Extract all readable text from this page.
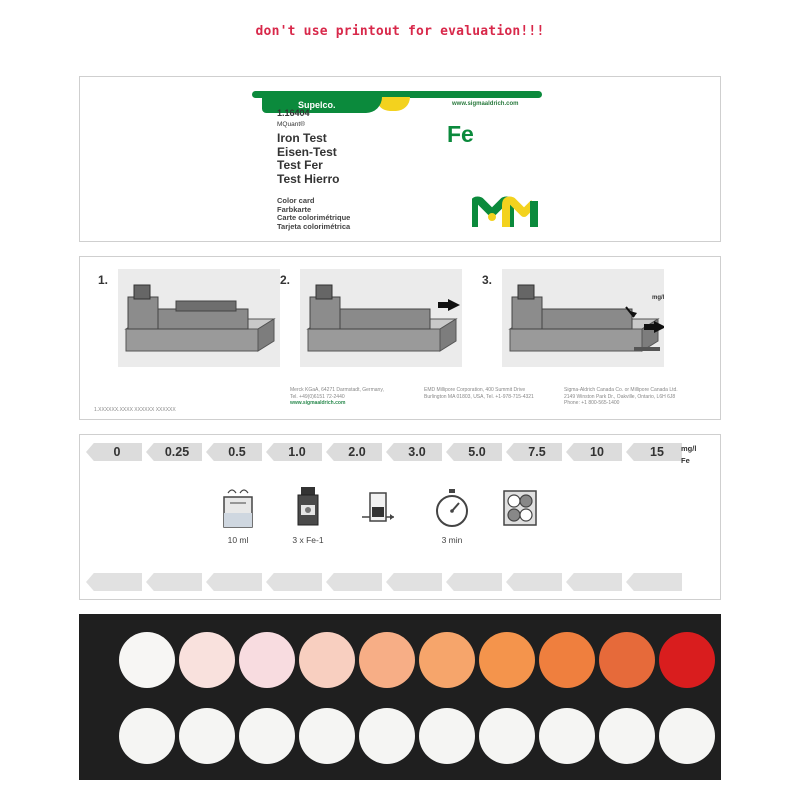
don't use printout for evaluation!!!
Supelco.	www.sigmaaldrich.com
1.16404
MQuant®
Iron Test
Eisen-Test
Test Fer
Test Hierro
Color card
Farbkarte
Carte colorimétrique
Tarjeta colorimétrica
Fe
1.	2.	3.
mg/l
Merck KGaA, 64271 Darmstadt, Germany,
Tel. +49(0)6151 72-2440
www.sigmaaldrich.com
EMD Millipore Corporation, 400 Summit Drive
Burlington MA 01803, USA, Tel. +1-978-715-4321
Sigma-Aldrich Canada Co. or Millipore Canada Ltd.
2149 Winston Park Dr., Oakville, Ontario, L6H 6J8
Phone: +1 800-565-1400
1.XXXXXX.XXXX XXXXXX XXXXXX
0	0.25	0.5	1.0	2.0	3.0	5.0	7.5	10	15	mg/l
Fe
10 ml	3 x Fe-1	3 min
